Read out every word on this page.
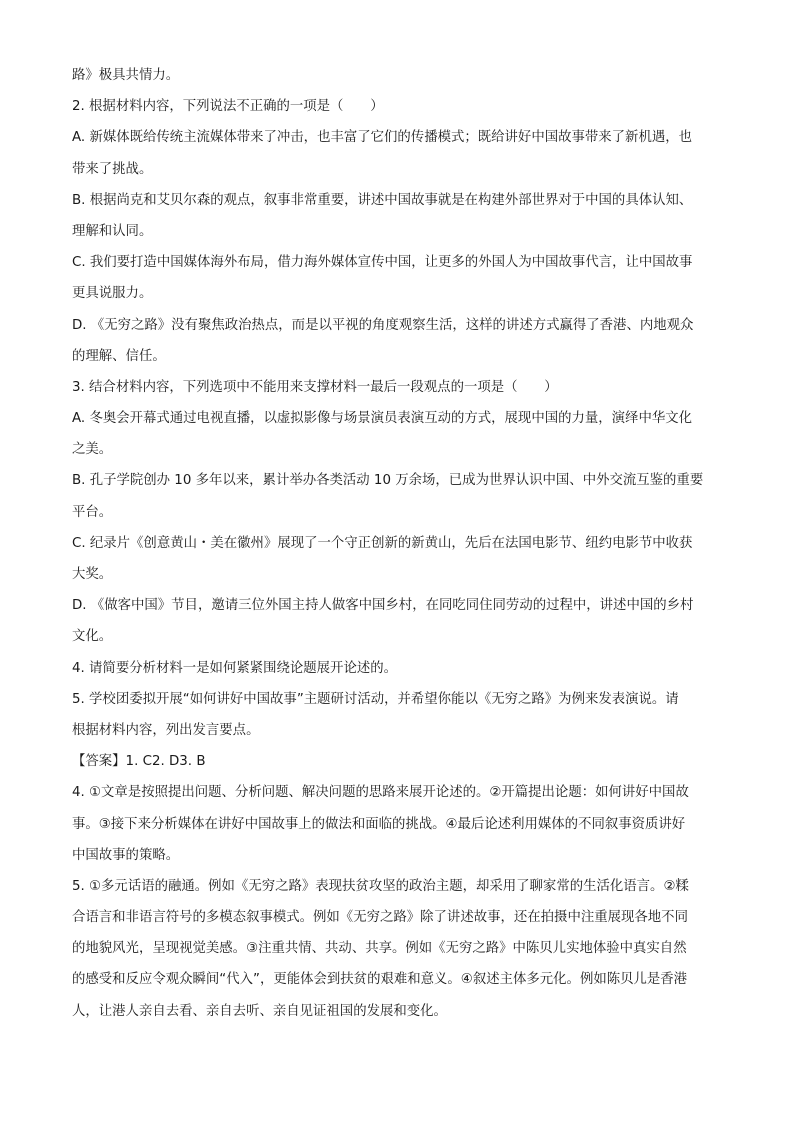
路》极具共情力。
2. 根据材料内容，下列说法不正确的一项是（　　）
A. 新媒体既给传统主流媒体带来了冲击，也丰富了它们的传播模式；既给讲好中国故事带来了新机遇，也
带来了挑战。
B. 根据尚克和艾贝尔森的观点，叙事非常重要，讲述中国故事就是在构建外部世界对于中国的具体认知、
理解和认同。
C. 我们要打造中国媒体海外布局，借力海外媒体宣传中国，让更多的外国人为中国故事代言，让中国故事
更具说服力。
D. 《无穷之路》没有聚焦政治热点，而是以平视的角度观察生活，这样的讲述方式赢得了香港、内地观众
的理解、信任。
3. 结合材料内容，下列选项中不能用来支撑材料一最后一段观点的一项是（　　）
A. 冬奥会开幕式通过电视直播，以虚拟影像与场景演员表演互动的方式，展现中国的力量，演绎中华文化
之美。
B. 孔子学院创办 10 多年以来，累计举办各类活动 10 万余场，已成为世界认识中国、中外交流互鉴的重要
平台。
C. 纪录片《创意黄山・美在徽州》展现了一个守正创新的新黄山，先后在法国电影节、纽约电影节中收获
大奖。
D. 《做客中国》节目，邀请三位外国主持人做客中国乡村，在同吃同住同劳动的过程中，讲述中国的乡村
文化。
4. 请简要分析材料一是如何紧紧围绕论题展开论述的。
5. 学校团委拟开展“如何讲好中国故事”主题研讨活动，并希望你能以《无穷之路》为例来发表演说。请
根据材料内容，列出发言要点。
【答案】1. C2. D3. B
4. ①文章是按照提出问题、分析问题、解决问题的思路来展开论述的。②开篇提出论题：如何讲好中国故
事。③接下来分析媒体在讲好中国故事上的做法和面临的挑战。④最后论述利用媒体的不同叙事资质讲好
中国故事的策略。
5. ①多元话语的融通。例如《无穷之路》表现扶贫攻坚的政治主题，却采用了聊家常的生活化语言。②糅
合语言和非语言符号的多模态叙事模式。例如《无穷之路》除了讲述故事，还在拍摄中注重展现各地不同
的地貌风光，呈现视觉美感。③注重共情、共动、共享。例如《无穷之路》中陈贝儿实地体验中真实自然
的感受和反应令观众瞬间“代入”，更能体会到扶贫的艰难和意义。④叙述主体多元化。例如陈贝儿是香港
人，让港人亲自去看、亲自去听、亲自见证祖国的发展和变化。
